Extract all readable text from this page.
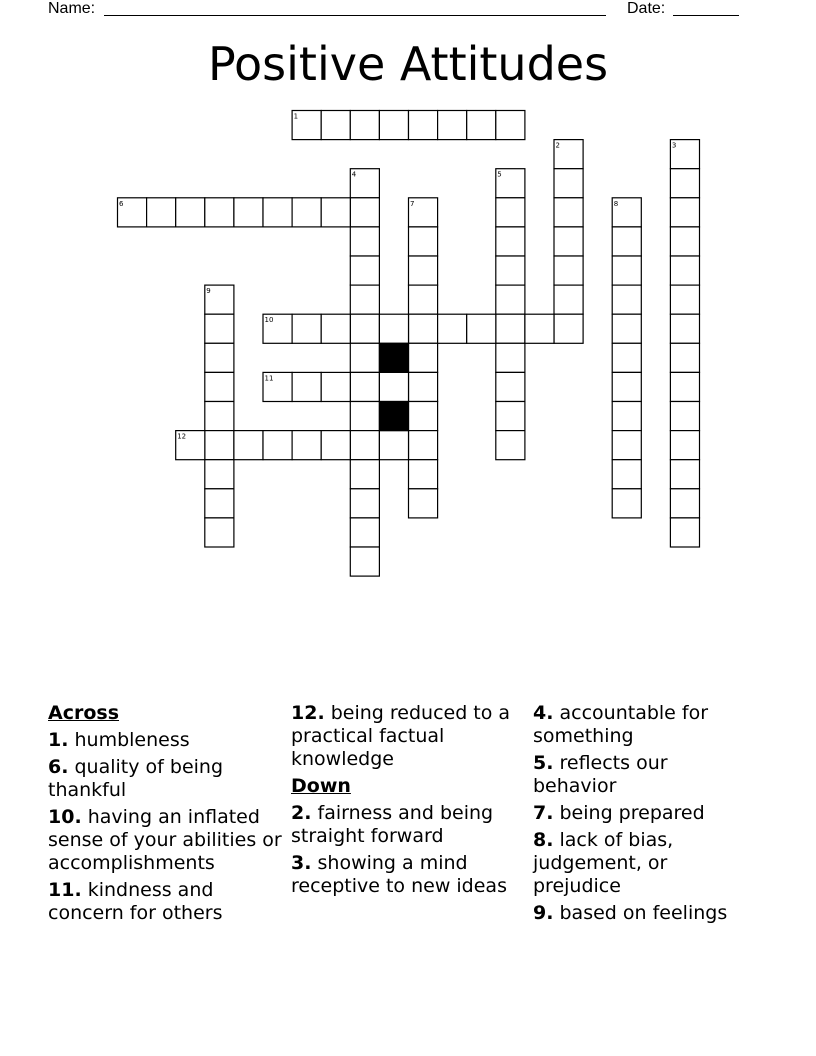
Name:	Date:
Positive Attitudes
1
2	3
4	5
6	7	8
9
10
11
12
Across
1. humbleness
6. quality of being thankful
10. having an inflated sense of your abilities or accomplishments
11. kindness and concern for others
12. being reduced to a practical factual knowledge
Down
2. fairness and being straight forward
3. showing a mind receptive to new ideas
4. accountable for something
5. reflects our behavior
7. being prepared
8. lack of bias, judgement, or prejudice
9. based on feelings
